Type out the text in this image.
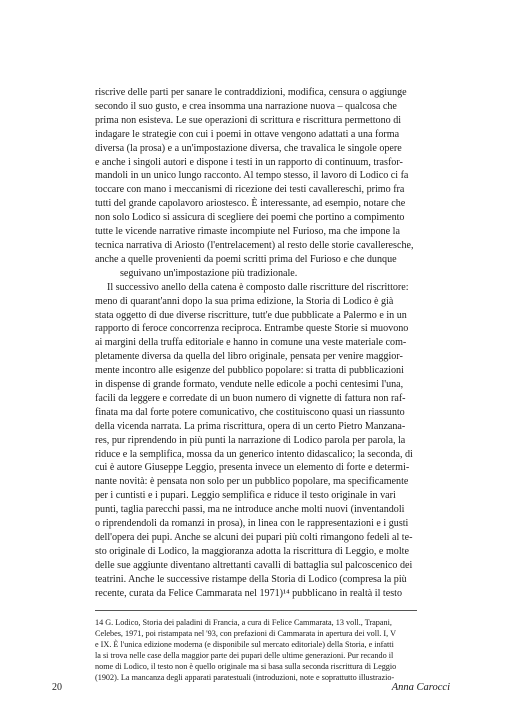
riscrive delle parti per sanare le contraddizioni, modifica, censura o aggiunge
secondo il suo gusto, e crea insomma una narrazione nuova – qualcosa che
prima non esisteva. Le sue operazioni di scrittura e riscrittura permettono di
indagare le strategie con cui i poemi in ottave vengono adattati a una forma
diversa (la prosa) e a un'impostazione diversa, che travalica le singole opere
e anche i singoli autori e dispone i testi in un rapporto di continuum, trasfor-
mandoli in un unico lungo racconto. Al tempo stesso, il lavoro di Lodico ci fa
toccare con mano i meccanismi di ricezione dei testi cavallereschi, primo fra
tutti del grande capolavoro ariostesco. È interessante, ad esempio, notare che
non solo Lodico si assicura di scegliere dei poemi che portino a compimento
tutte le vicende narrative rimaste incompiute nel Furioso, ma che impone la
tecnica narrativa di Ariosto (l'entrelacement) al resto delle storie cavalleresche,
anche a quelle provenienti da poemi scritti prima del Furioso e che dunque
seguivano un'impostazione più tradizionale.
Il successivo anello della catena è composto dalle riscritture del riscrittore:
meno di quarant'anni dopo la sua prima edizione, la Storia di Lodico è già
stata oggetto di due diverse riscritture, tutt'e due pubblicate a Palermo e in un
rapporto di feroce concorrenza reciproca. Entrambe queste Storie si muovono
ai margini della truffa editoriale e hanno in comune una veste materiale com-
pletamente diversa da quella del libro originale, pensata per venire maggior-
mente incontro alle esigenze del pubblico popolare: si tratta di pubblicazioni
in dispense di grande formato, vendute nelle edicole a pochi centesimi l'una,
facili da leggere e corredate di un buon numero di vignette di fattura non raf-
finata ma dal forte potere comunicativo, che costituiscono quasi un riassunto
della vicenda narrata. La prima riscrittura, opera di un certo Pietro Manzana-
res, pur riprendendo in più punti la narrazione di Lodico parola per parola, la
riduce e la semplifica, mossa da un generico intento didascalico; la seconda, di
cui è autore Giuseppe Leggio, presenta invece un elemento di forte e determi-
nante novità: è pensata non solo per un pubblico popolare, ma specificamente
per i cuntisti e i pupari. Leggio semplifica e riduce il testo originale in vari
punti, taglia parecchi passi, ma ne introduce anche molti nuovi (inventandoli
o riprendendoli da romanzi in prosa), in linea con le rappresentazioni e i gusti
dell'opera dei pupi. Anche se alcuni dei pupari più colti rimangono fedeli al te-
sto originale di Lodico, la maggioranza adotta la riscrittura di Leggio, e molte
delle sue aggiunte diventano altrettanti cavalli di battaglia sul palcoscenico dei
teatrini. Anche le successive ristampe della Storia di Lodico (compresa la più
recente, curata da Felice Cammarata nel 1971)¹⁴ pubblicano in realtà il testo
14 G. Lodico, Storia dei paladini di Francia, a cura di Felice Cammarata, 13 voll., Trapani,
Celebes, 1971, poi ristampata nel '93, con prefazioni di Cammarata in apertura dei voll. I, V
e IX. È l'unica edizione moderna (e disponibile sul mercato editoriale) della Storia, e infatti
la si trova nelle case della maggior parte dei pupari delle ultime generazioni. Pur recando il
nome di Lodico, il testo non è quello originale ma si basa sulla seconda riscrittura di Leggio
(1902). La mancanza degli apparati paratestuali (introduzioni, note e soprattutto illustrazio-
20	Anna Carocci
